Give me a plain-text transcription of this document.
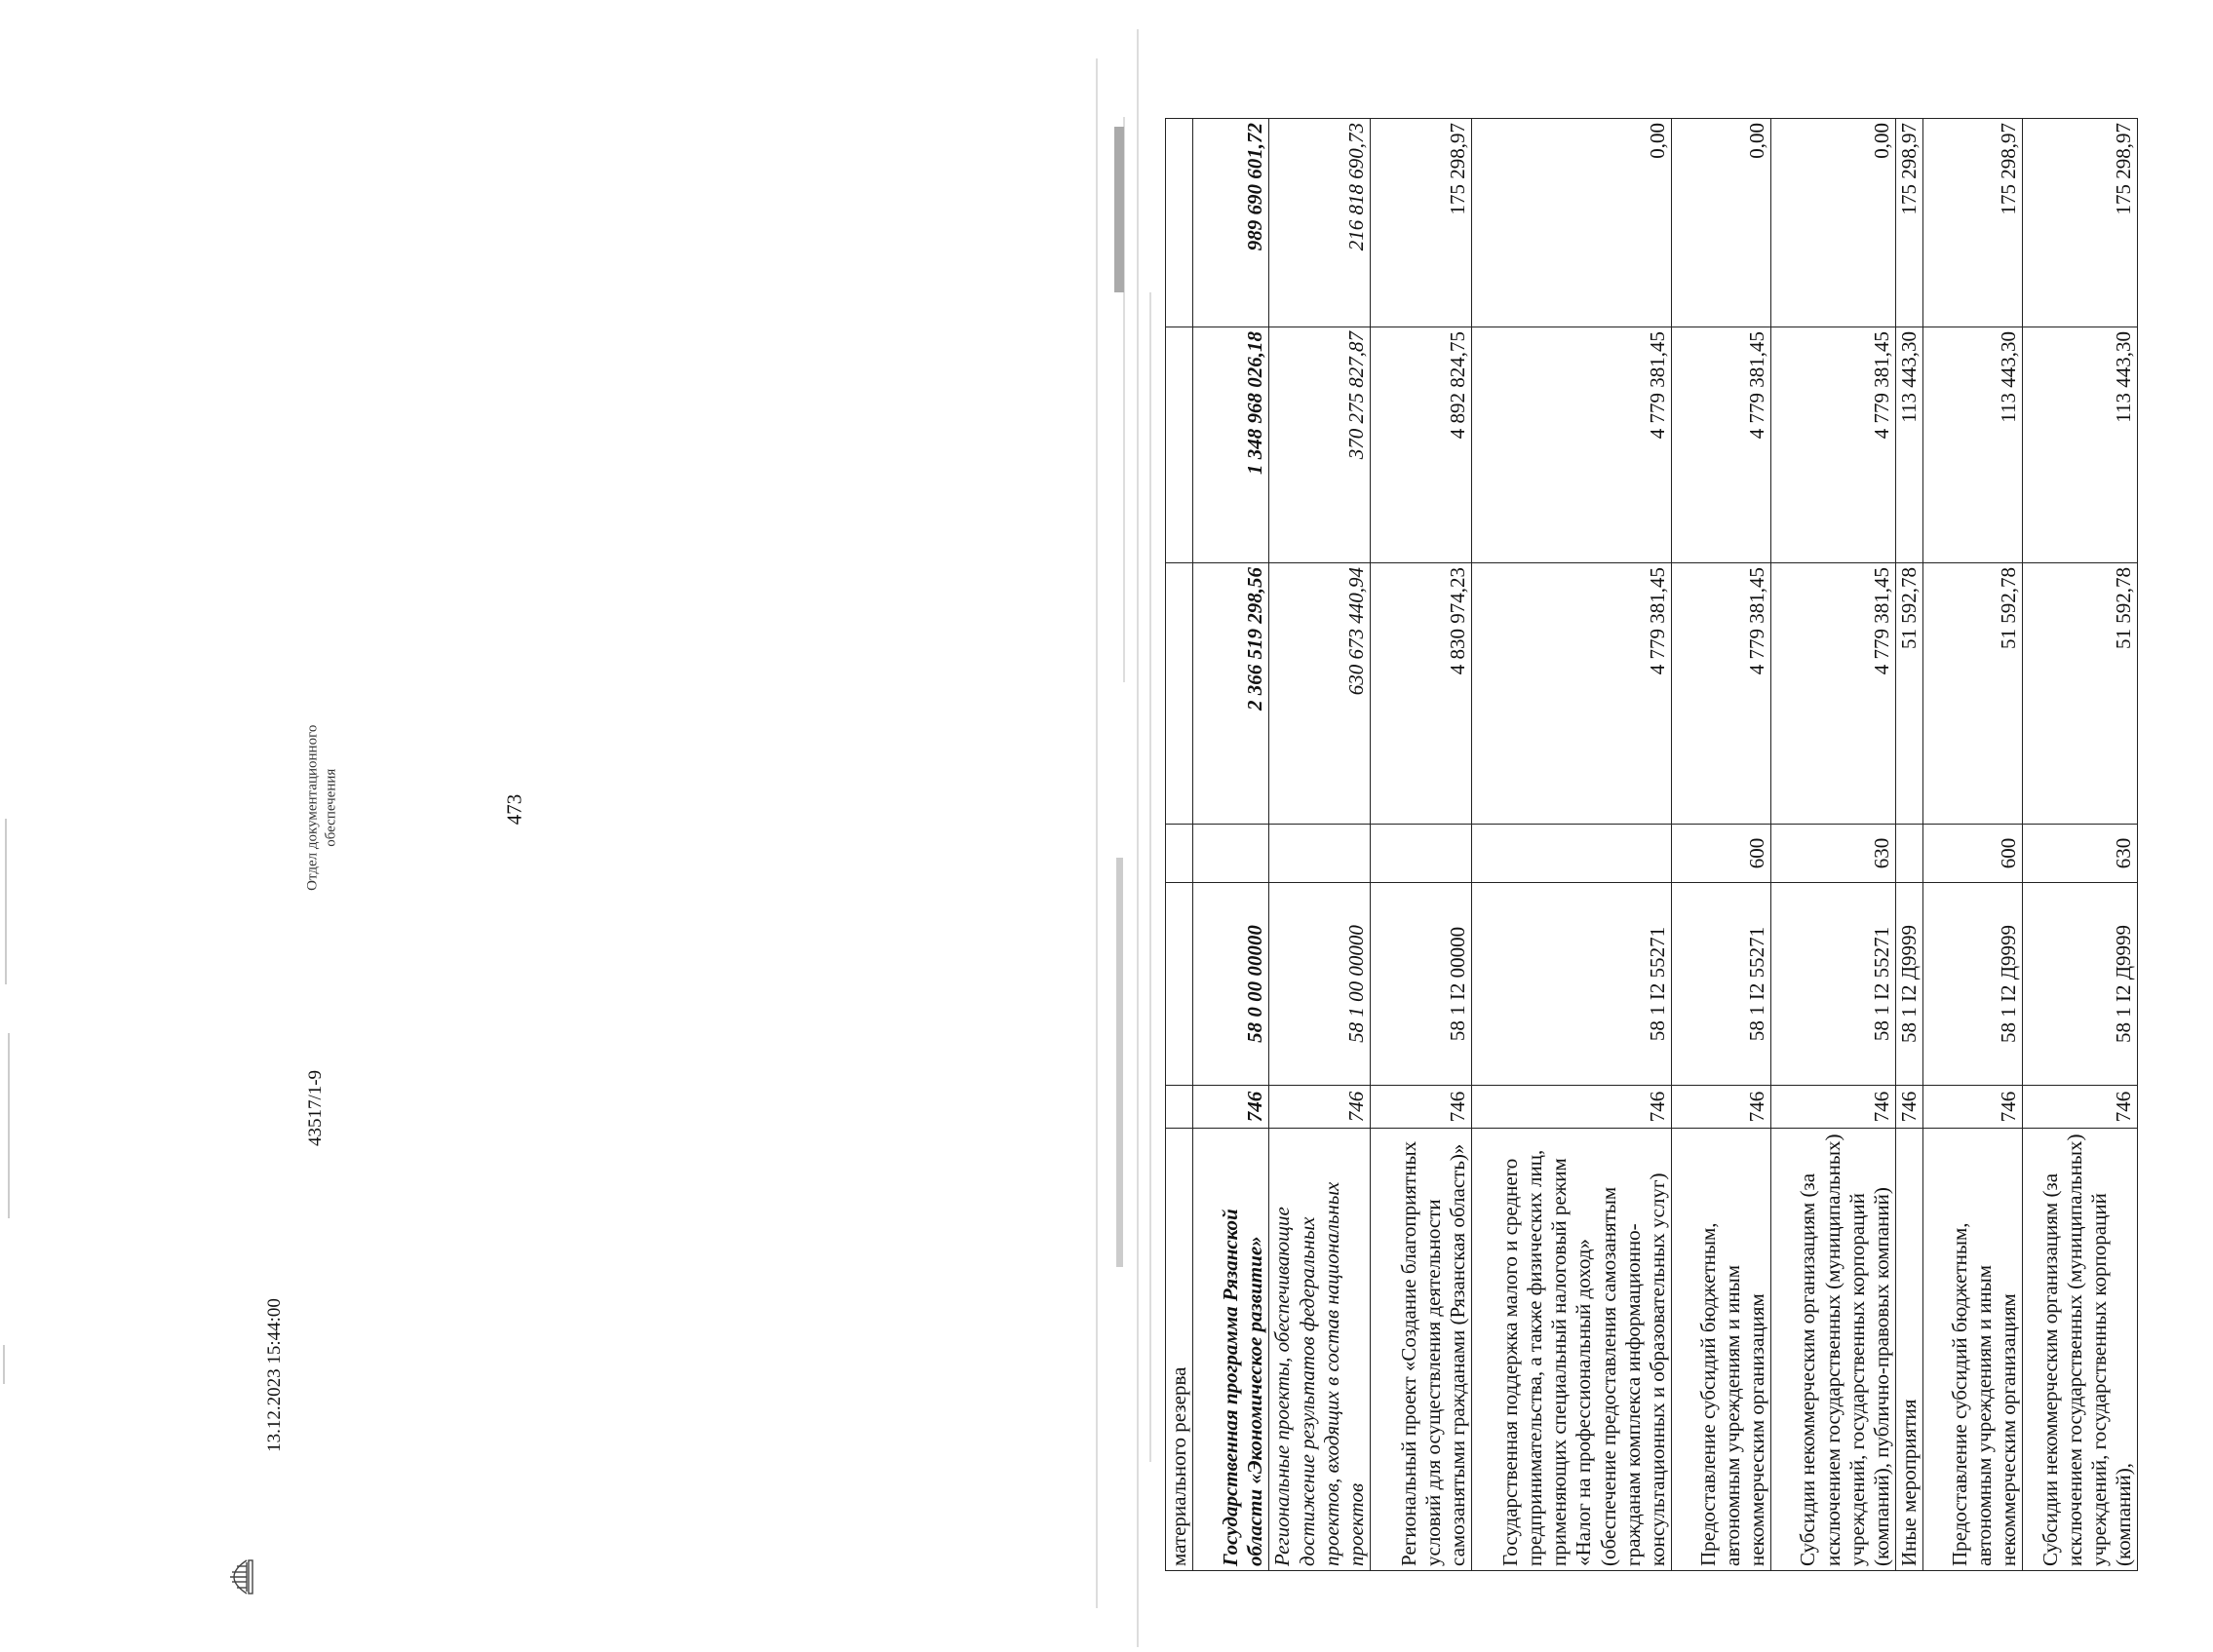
473
материального резерва						
Государственная программа Рязанской области «Экономическое развитие»	746	58 0 00 00000		2 366 519 298,56	1 348 968 026,18	989 690 601,72
Региональные проекты, обеспечивающие достижение результатов федеральных проектов, входящих в состав национальных проектов	746	58 1 00 00000		630 673 440,94	370 275 827,87	216 818 690,73
Региональный проект «Создание благоприятных условий для осуществления деятельности самозанятыми гражданами (Рязанская область)»	746	58 1 I2 00000		4 830 974,23	4 892 824,75	175 298,97
Государственная поддержка малого и среднего предпринимательства, а также физических лиц, применяющих специальный налоговый режим «Налог на профессиональный доход» (обеспечение предоставления самозанятым гражданам комплекса информационно-консультационных и образовательных услуг)	746	58 1 I2 55271		4 779 381,45	4 779 381,45	0,00
Предоставление субсидий бюджетным, автономным учреждениям и иным некоммерческим организациям	746	58 1 I2 55271	600	4 779 381,45	4 779 381,45	0,00
Субсидии некоммерческим организациям (за исключением государственных (муниципальных) учреждений, государственных корпораций (компаний), публично-правовых компаний)	746	58 1 I2 55271	630	4 779 381,45	4 779 381,45	0,00
Иные мероприятия	746	58 1 I2 Д9999		51 592,78	113 443,30	175 298,97
Предоставление субсидий бюджетным, автономным учреждениям и иным некоммерческим организациям	746	58 1 I2 Д9999	600	51 592,78	113 443,30	175 298,97
Субсидии некоммерческим организациям (за исключением государственных (муниципальных) учреждений, государственных корпораций (компаний),	746	58 1 I2 Д9999	630	51 592,78	113 443,30	175 298,97
13.12.2023 15:44:00
43517/1-9
Отдел документационного обеспечения
